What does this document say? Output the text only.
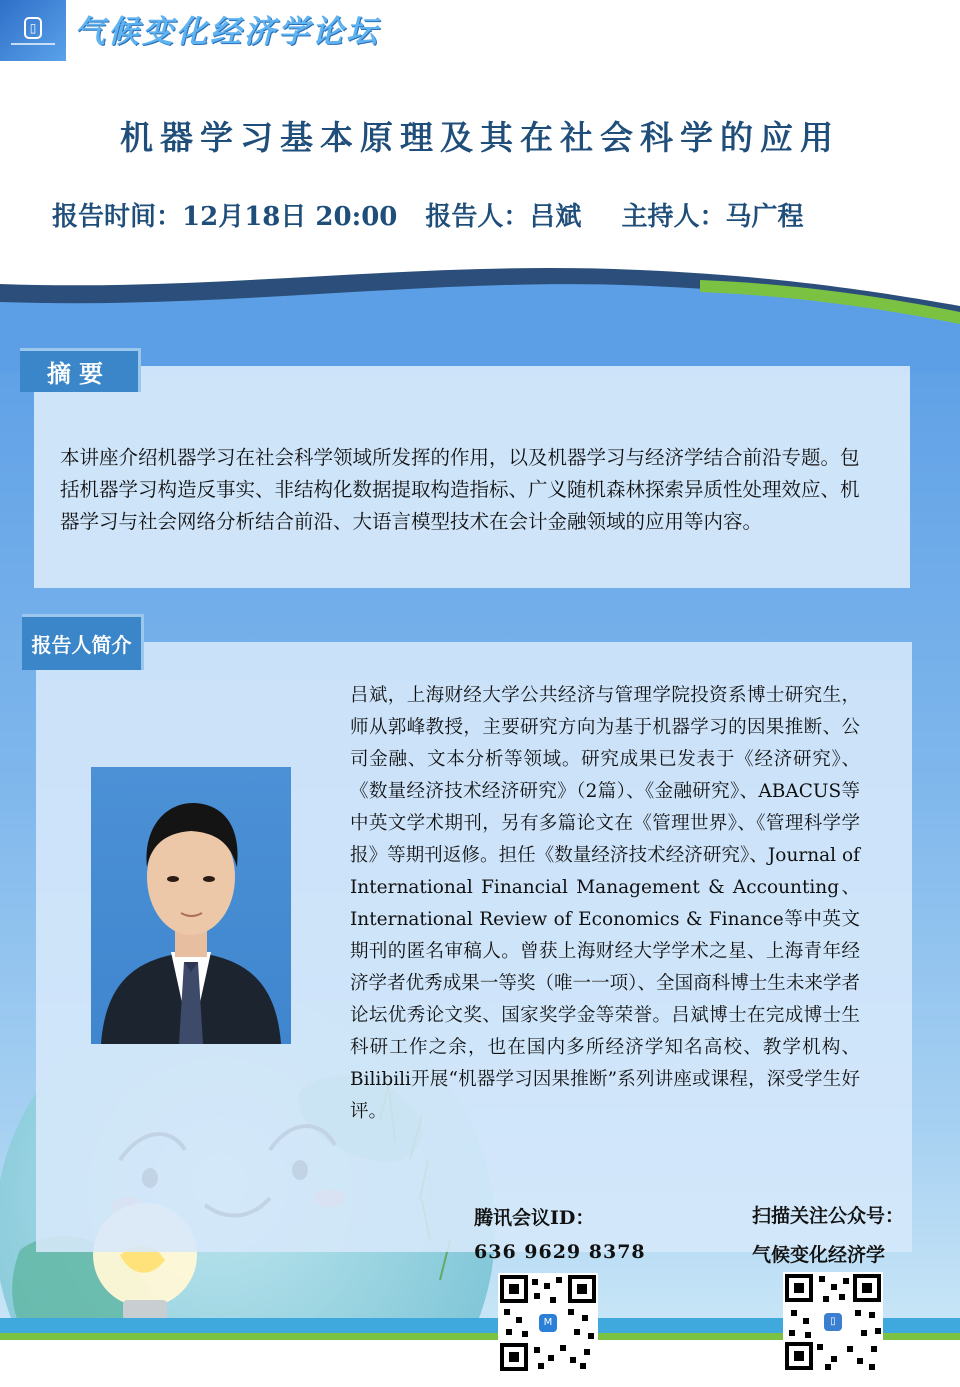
▯ 气候变化经济学论坛
机器学习基本原理及其在社会科学的应用
报告时间：12月18日 20:00 报告人：吕斌 主持人：马广程
摘要
本讲座介绍机器学习在社会科学领域所发挥的作用，以及机器学习与经济学结合前沿专题。包括机器学习构造反事实、非结构化数据提取构造指标、广义随机森林探索异质性处理效应、机器学习与社会网络分析结合前沿、大语言模型技术在会计金融领域的应用等内容。
报告人简介
吕斌，上海财经大学公共经济与管理学院投资系博士研究生，师从郭峰教授，主要研究方向为基于机器学习的因果推断、公司金融、文本分析等领域。研究成果已发表于《经济研究》、《数量经济技术经济研究》（2篇）、《金融研究》、ABACUS等中英文学术期刊，另有多篇论文在《管理世界》、《管理科学学报》等期刊返修。担任《数量经济技术经济研究》、Journal of International Financial Management & Accounting、International Review of Economics & Finance等中英文期刊的匿名审稿人。曾获上海财经大学学术之星、上海青年经济学者优秀成果一等奖（唯一一项）、全国商科博士生未来学者论坛优秀论文奖、国家奖学金等荣誉。吕斌博士在完成博士生科研工作之余，也在国内多所经济学知名高校、教学机构、Bilibili开展“机器学习因果推断”系列讲座或课程，深受学生好评。
腾讯会议ID：
636 9629 8378
扫描关注公众号：
气候变化经济学
M	▯
